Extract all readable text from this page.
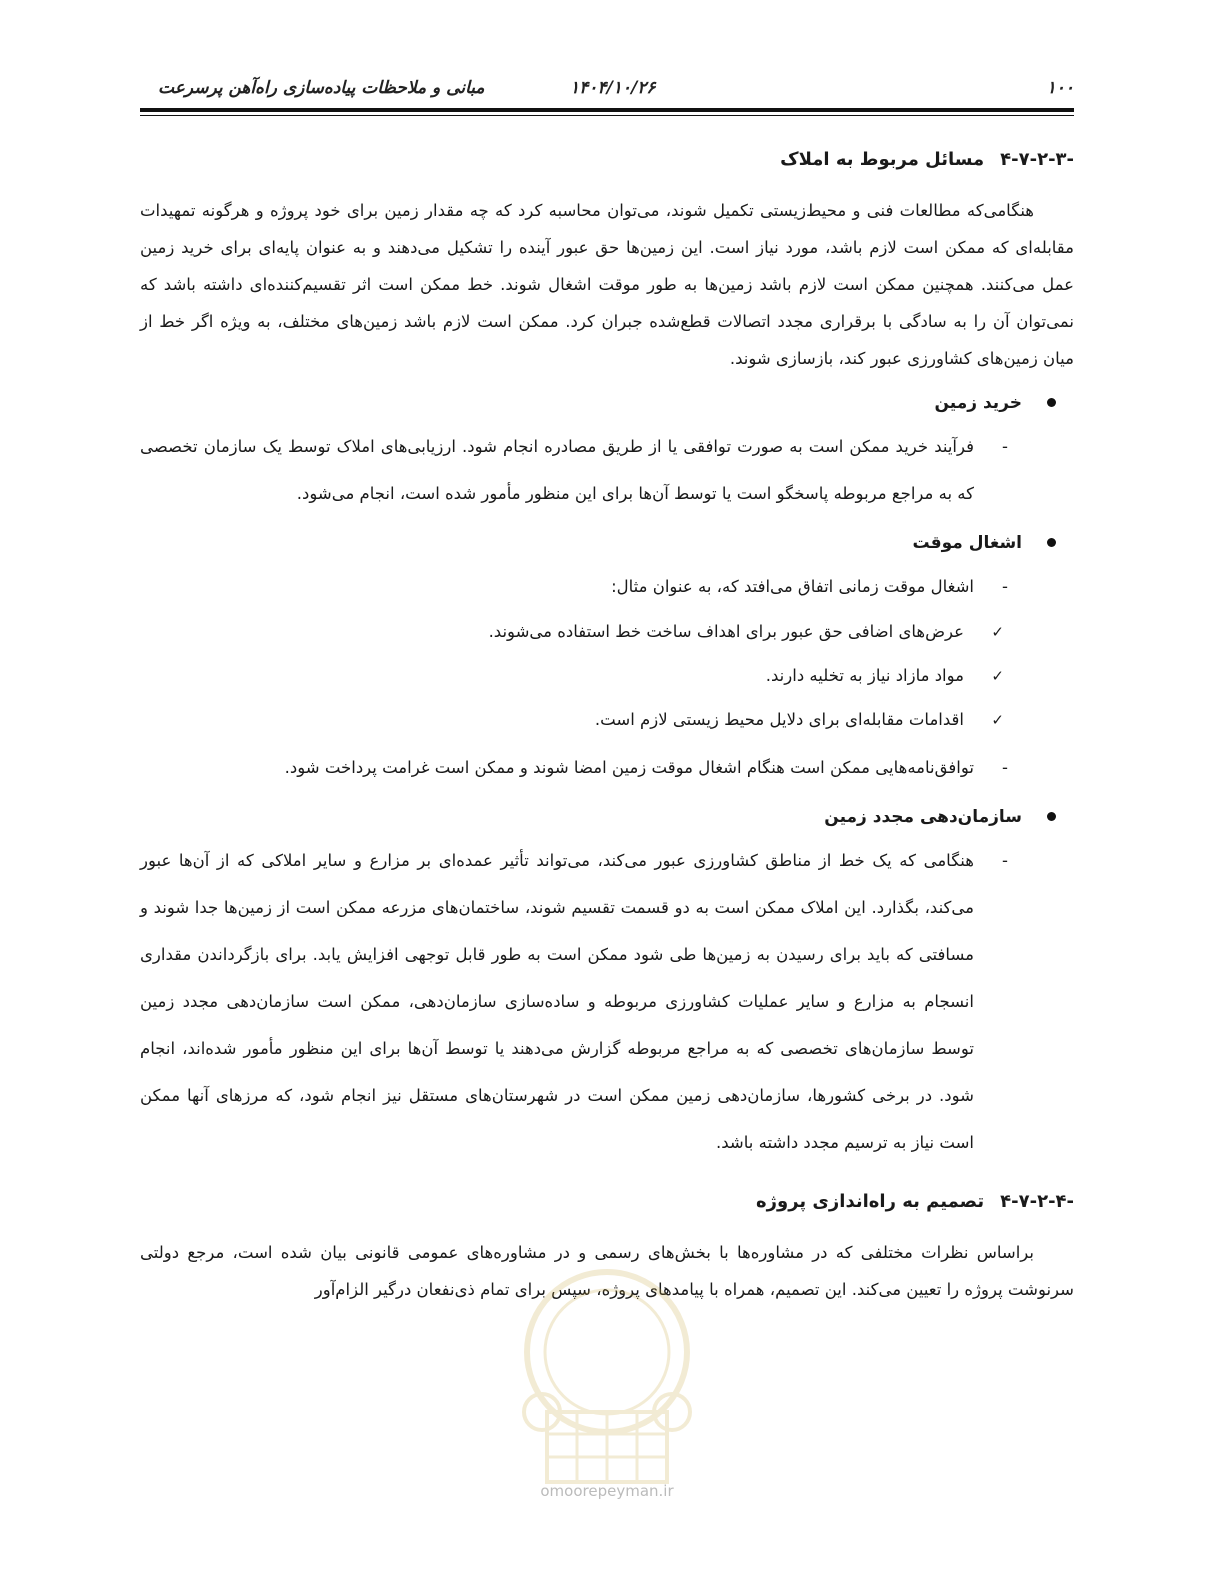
۱۰۰
۱۴۰۴/۱۰/۲۶
مبانی و ملاحظات پیاده‌سازی راه‌آهن پرسرعت
۴-۷-۲-۳-مسائل مربوط به املاک

هنگامی‌که مطالعات فنی و محیط‌زیستی تکمیل شوند، می‌توان محاسبه کرد که چه مقدار زمین برای خود پروژه و هرگونه تمهیدات مقابله‌ای که ممکن است لازم باشد، مورد نیاز است. این زمین‌ها حق عبور آینده را تشکیل می‌دهند و به عنوان پایه‌ای برای خرید زمین عمل می‌کنند. همچنین ممکن است لازم باشد زمین‌ها به طور موقت اشغال شوند. خط ممکن است اثر تقسیم‌کننده‌ای داشته باشد که نمی‌توان آن را به سادگی با برقراری مجدد اتصالات قطع‌شده جبران کرد. ممکن است لازم باشد زمین‌های مختلف، به ویژه اگر خط از میان زمین‌های کشاورزی عبور کند، بازسازی شوند.

خرید زمین
-
فرآیند خرید ممکن است به صورت توافقی یا از طریق مصادره انجام شود. ارزیابی‌های املاک توسط یک سازمان تخصصی که به مراجع مربوطه پاسخگو است یا توسط آن‌ها برای این منظور مأمور شده است، انجام می‌شود.
اشغال موقت
-
اشغال موقت زمانی اتفاق می‌افتد که، به عنوان مثال:
✓
عرض‌های اضافی حق عبور برای اهداف ساخت خط استفاده می‌شوند.
✓
مواد مازاد نیاز به تخلیه دارند.
✓
اقدامات مقابله‌ای برای دلایل محیط زیستی لازم است.
-
توافق‌نامه‌هایی ممکن است هنگام اشغال موقت زمین امضا شوند و ممکن است غرامت پرداخت شود.
سازمان‌دهی مجدد زمین
-
هنگامی که یک خط از مناطق کشاورزی عبور می‌کند، می‌تواند تأثیر عمده‌ای بر مزارع و سایر املاکی که از آن‌ها عبور می‌کند، بگذارد. این املاک ممکن است به دو قسمت تقسیم شوند، ساختمان‌های مزرعه ممکن است از زمین‌ها جدا شوند و مسافتی که باید برای رسیدن به زمین‌ها طی شود ممکن است به طور قابل توجهی افزایش یابد. برای بازگرداندن مقداری انسجام به مزارع و سایر عملیات کشاورزی مربوطه و ساده‌سازی سازمان‌دهی، ممکن است سازمان‌دهی مجدد زمین توسط سازمان‌های تخصصی که به مراجع مربوطه گزارش می‌دهند یا توسط آن‌ها برای این منظور مأمور شده‌اند، انجام شود. در برخی کشورها، سازمان‌دهی زمین ممکن است در شهرستان‌های مستقل نیز انجام شود، که مرزهای آنها ممکن است نیاز به ترسیم مجدد داشته باشد.
۴-۷-۲-۴-تصمیم به راه‌اندازی پروژه

براساس نظرات مختلفی که در مشاوره‌ها با بخش‌های رسمی و در مشاوره‌های عمومی قانونی بیان شده است، مرجع دولتی سرنوشت پروژه را تعیین می‌کند. این تصمیم، همراه با پیامدهای پروژه، سپس برای تمام ذی‌نفعان درگیر الزام‌آور

omoorepeyman.ir
